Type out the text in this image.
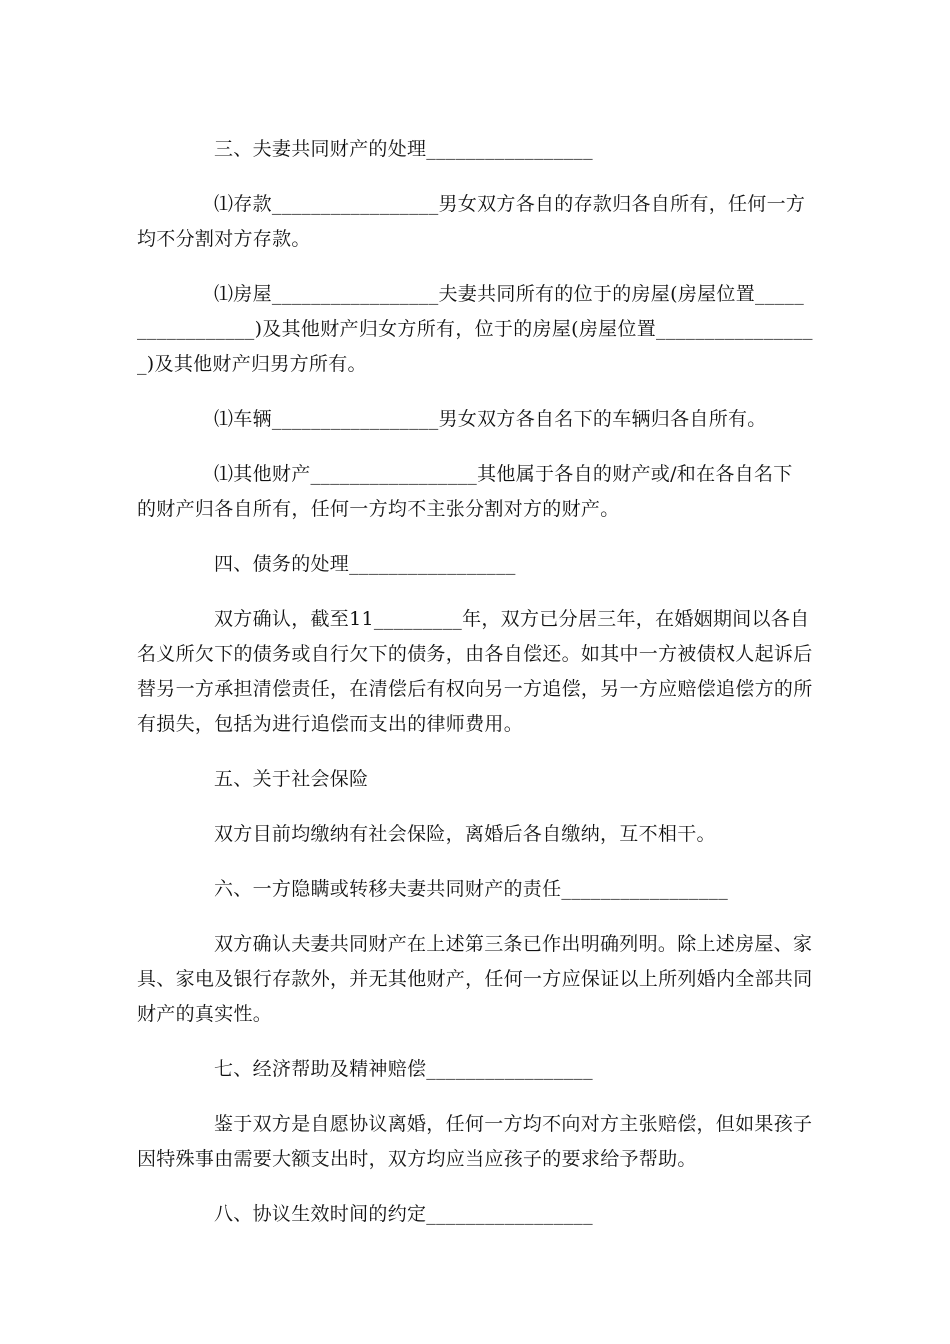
三、夫妻共同财产的处理_________________
⑴存款_________________男女双方各自的存款归各自所有，任何一方
均不分割对方存款。
⑴房屋_________________夫妻共同所有的位于的房屋(房屋位置_____
____________)及其他财产归女方所有，位于的房屋(房屋位置________________
_)及其他财产归男方所有。
⑴车辆_________________男女双方各自名下的车辆归各自所有。
⑴其他财产_________________其他属于各自的财产或/和在各自名下
的财产归各自所有，任何一方均不主张分割对方的财产。
四、债务的处理_________________
双方确认，截至11_________年，双方已分居三年，在婚姻期间以各自
名义所欠下的债务或自行欠下的债务，由各自偿还。如其中一方被债权人起诉后
替另一方承担清偿责任，在清偿后有权向另一方追偿，另一方应赔偿追偿方的所
有损失，包括为进行追偿而支出的律师费用。
五、关于社会保险
双方目前均缴纳有社会保险，离婚后各自缴纳，互不相干。
六、一方隐瞒或转移夫妻共同财产的责任_________________
双方确认夫妻共同财产在上述第三条已作出明确列明。除上述房屋、家
具、家电及银行存款外，并无其他财产，任何一方应保证以上所列婚内全部共同
财产的真实性。
七、经济帮助及精神赔偿_________________
鉴于双方是自愿协议离婚，任何一方均不向对方主张赔偿，但如果孩子
因特殊事由需要大额支出时，双方均应当应孩子的要求给予帮助。
八、协议生效时间的约定_________________
